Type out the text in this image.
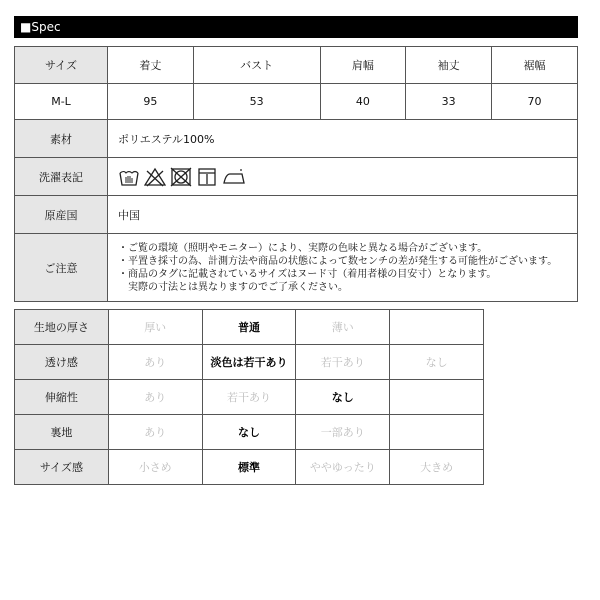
■Spec
サイズ	着丈	バスト	肩幅	袖丈	裾幅
M-L	95	53	40	33	70
素材	ポリエステル100%				
洗濯表記	

原産国	中国				
ご注意	・ご覧の環境（照明やモニター）により、実際の色味と異なる場合がございます。
・平置き採寸の為、計測方法や商品の状態によって数センチの差が発生する可能性がございます。
・商品のタグに記載されているサイズはヌード寸（着用者様の目安寸）となります。
　実際の寸法とは異なりますのでご了承ください。				
生地の厚さ	厚い	普通	薄い	
透け感	あり	淡色は若干あり	若干あり	なし
伸縮性	あり	若干あり	なし	
裏地	あり	なし	一部あり	
サイズ感	小さめ	標準	ややゆったり	大きめ
